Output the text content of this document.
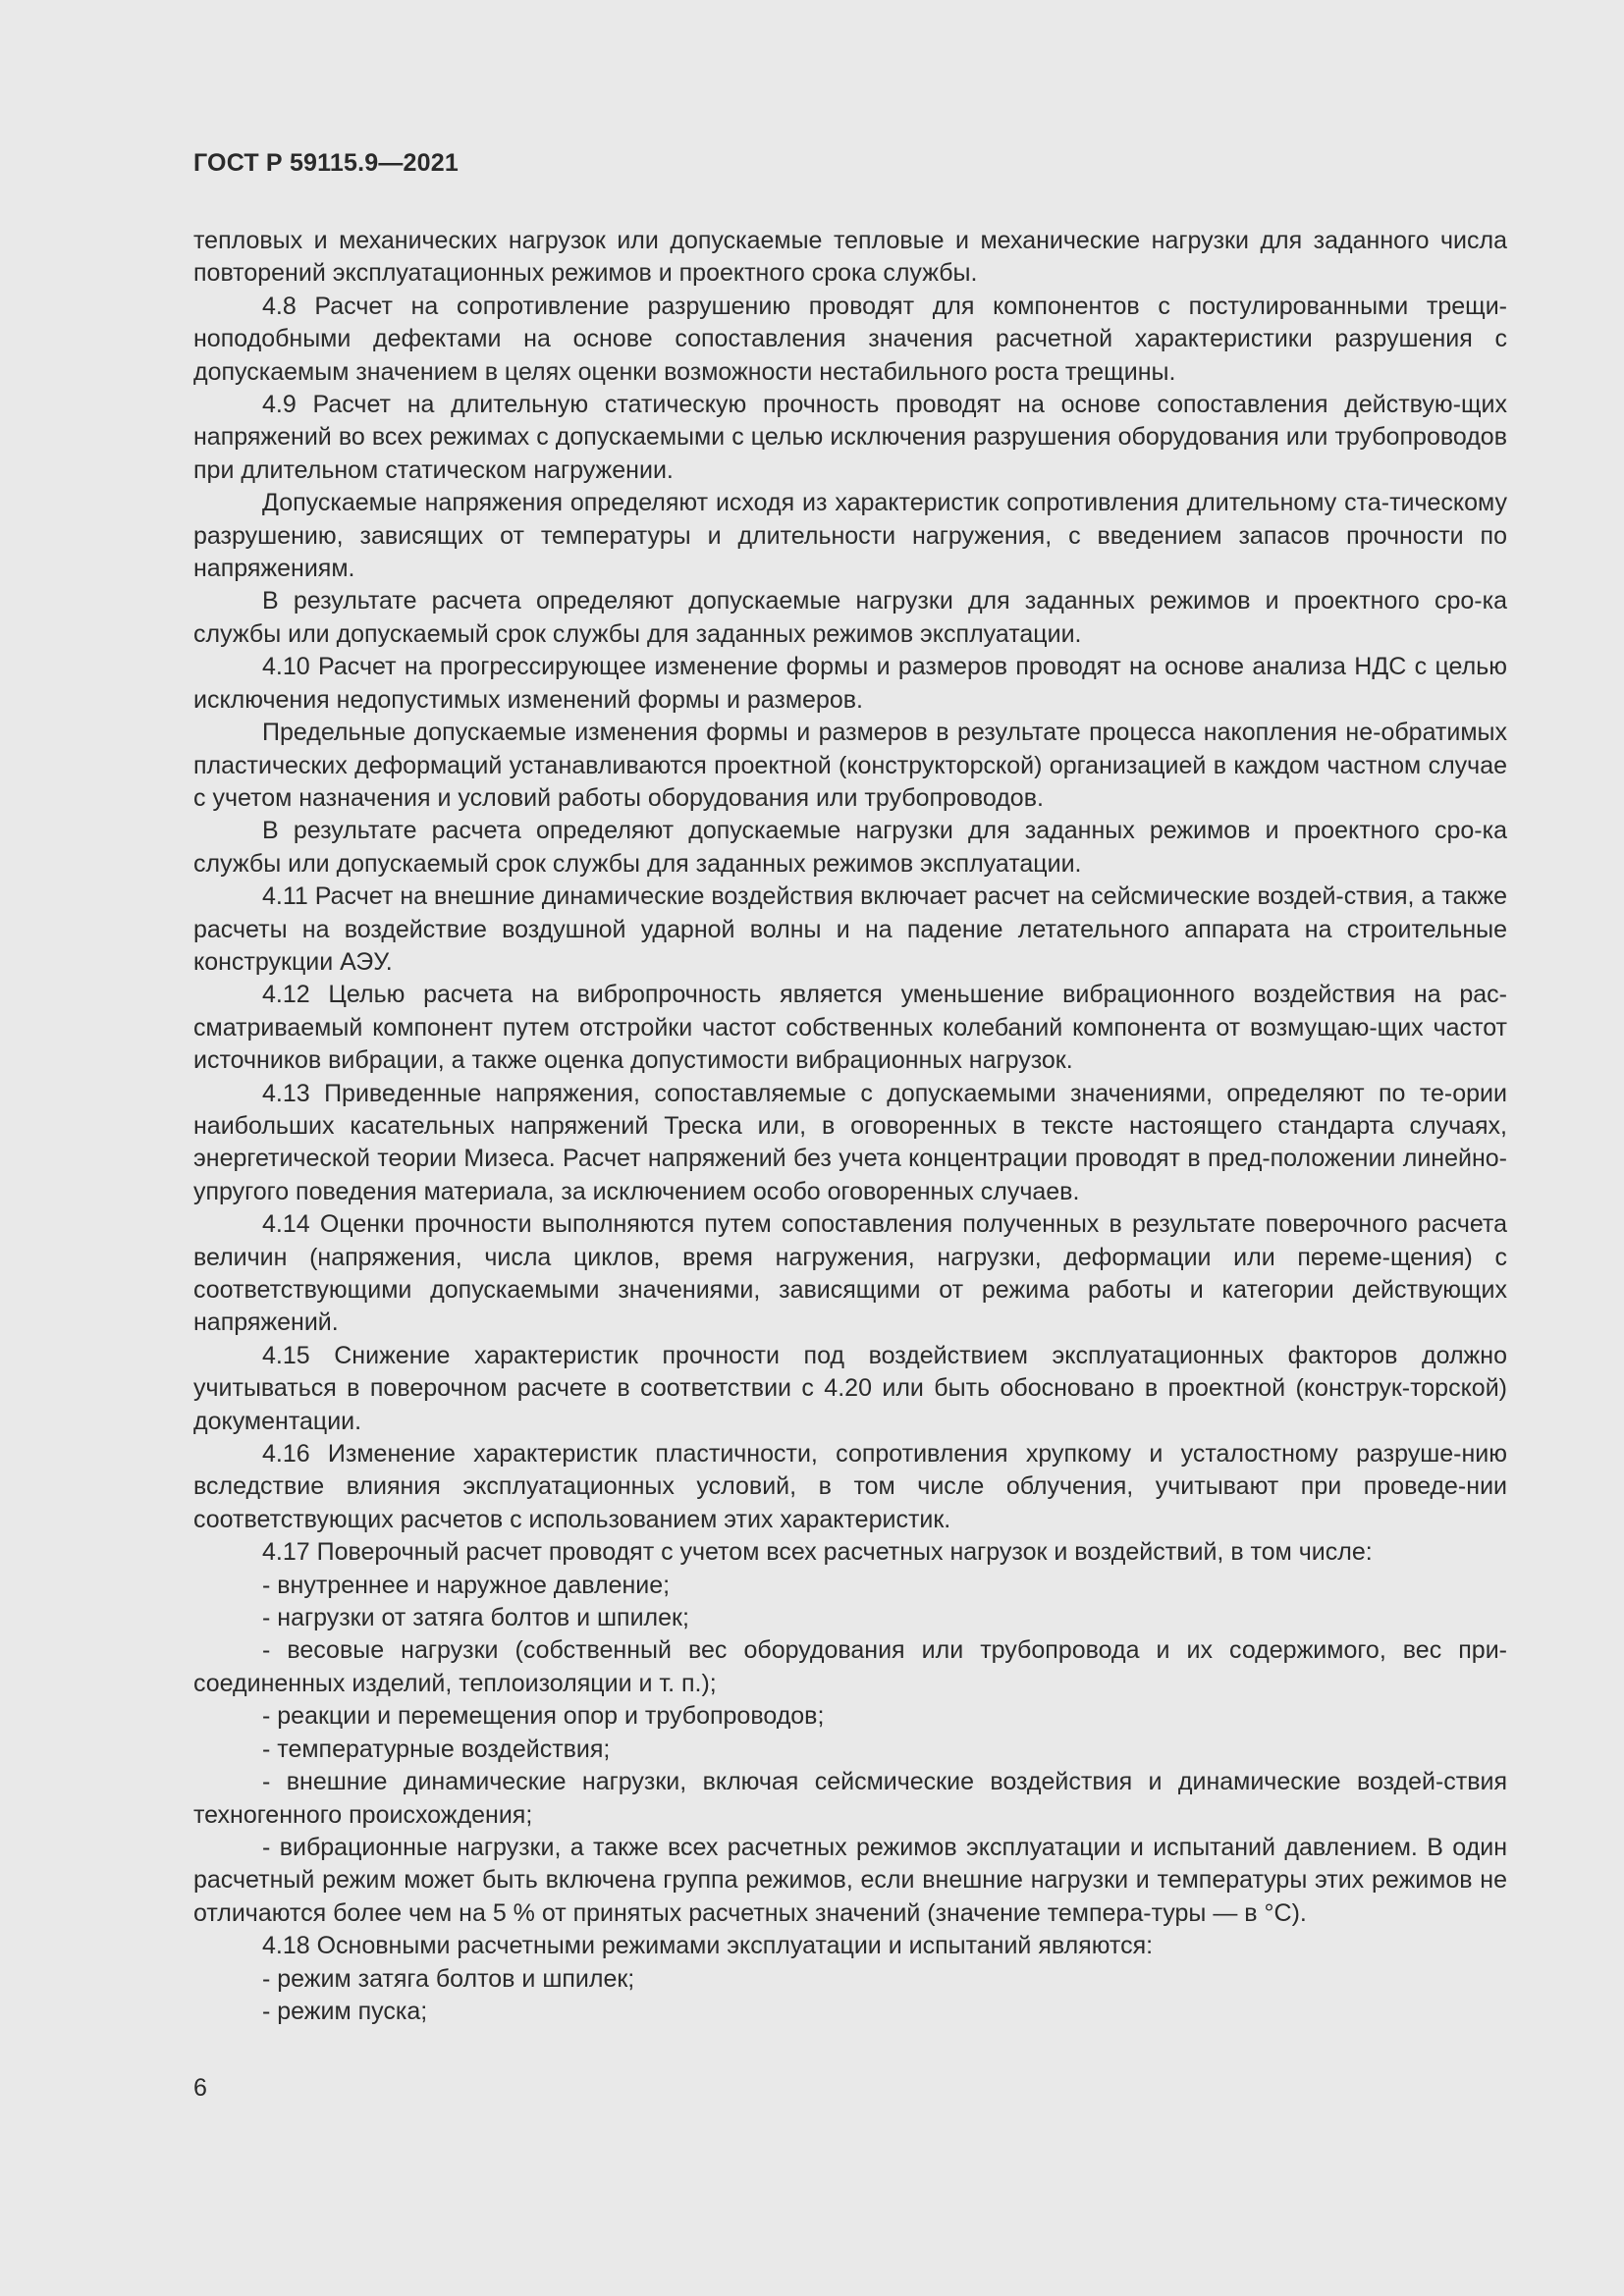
ГОСТ Р 59115.9—2021

тепловых и механических нагрузок или допускаемые тепловые и механические нагрузки для заданного числа повторений эксплуатационных режимов и проектного срока службы.

4.8 Расчет на сопротивление разрушению проводят для компонентов с постулированными трещи-ноподобными дефектами на основе сопоставления значения расчетной характеристики разрушения с допускаемым значением в целях оценки возможности нестабильного роста трещины.

4.9 Расчет на длительную статическую прочность проводят на основе сопоставления действую-щих напряжений во всех режимах с допускаемыми с целью исключения разрушения оборудования или трубопроводов при длительном статическом нагружении.

Допускаемые напряжения определяют исходя из характеристик сопротивления длительному ста-тическому разрушению, зависящих от температуры и длительности нагружения, с введением запасов прочности по напряжениям.

В результате расчета определяют допускаемые нагрузки для заданных режимов и проектного сро-ка службы или допускаемый срок службы для заданных режимов эксплуатации.

4.10 Расчет на прогрессирующее изменение формы и размеров проводят на основе анализа НДС с целью исключения недопустимых изменений формы и размеров.

Предельные допускаемые изменения формы и размеров в результате процесса накопления не-обратимых пластических деформаций устанавливаются проектной (конструкторской) организацией в каждом частном случае с учетом назначения и условий работы оборудования или трубопроводов.

В результате расчета определяют допускаемые нагрузки для заданных режимов и проектного сро-ка службы или допускаемый срок службы для заданных режимов эксплуатации.

4.11 Расчет на внешние динамические воздействия включает расчет на сейсмические воздей-ствия, а также расчеты на воздействие воздушной ударной волны и на падение летательного аппарата на строительные конструкции АЭУ.

4.12 Целью расчета на вибропрочность является уменьшение вибрационного воздействия на рас-сматриваемый компонент путем отстройки частот собственных колебаний компонента от возмущаю-щих частот источников вибрации, а также оценка допустимости вибрационных нагрузок.

4.13 Приведенные напряжения, сопоставляемые с допускаемыми значениями, определяют по те-ории наибольших касательных напряжений Треска или, в оговоренных в тексте настоящего стандарта случаях, энергетической теории Мизеса. Расчет напряжений без учета концентрации проводят в пред-положении линейно-упругого поведения материала, за исключением особо оговоренных случаев.

4.14 Оценки прочности выполняются путем сопоставления полученных в результате поверочного расчета величин (напряжения, числа циклов, время нагружения, нагрузки, деформации или переме-щения) с соответствующими допускаемыми значениями, зависящими от режима работы и категории действующих напряжений.

4.15 Снижение характеристик прочности под воздействием эксплуатационных факторов должно учитываться в поверочном расчете в соответствии с 4.20 или быть обосновано в проектной (конструк-торской) документации.

4.16 Изменение характеристик пластичности, сопротивления хрупкому и усталостному разруше-нию вследствие влияния эксплуатационных условий, в том числе облучения, учитывают при проведе-нии соответствующих расчетов с использованием этих характеристик.

4.17 Поверочный расчет проводят с учетом всех расчетных нагрузок и воздействий, в том числе:

- внутреннее и наружное давление;

- нагрузки от затяга болтов и шпилек;

- весовые нагрузки (собственный вес оборудования или трубопровода и их содержимого, вес при-соединенных изделий, теплоизоляции и т. п.);

- реакции и перемещения опор и трубопроводов;

- температурные воздействия;

- внешние динамические нагрузки, включая сейсмические воздействия и динамические воздей-ствия техногенного происхождения;

- вибрационные нагрузки, а также всех расчетных режимов эксплуатации и испытаний давлением. В один расчетный режим может быть включена группа режимов, если внешние нагрузки и температуры этих режимов не отличаются более чем на 5 % от принятых расчетных значений (значение темпера-туры — в °С).

4.18 Основными расчетными режимами эксплуатации и испытаний являются:

- режим затяга болтов и шпилек;

- режим пуска;

6
